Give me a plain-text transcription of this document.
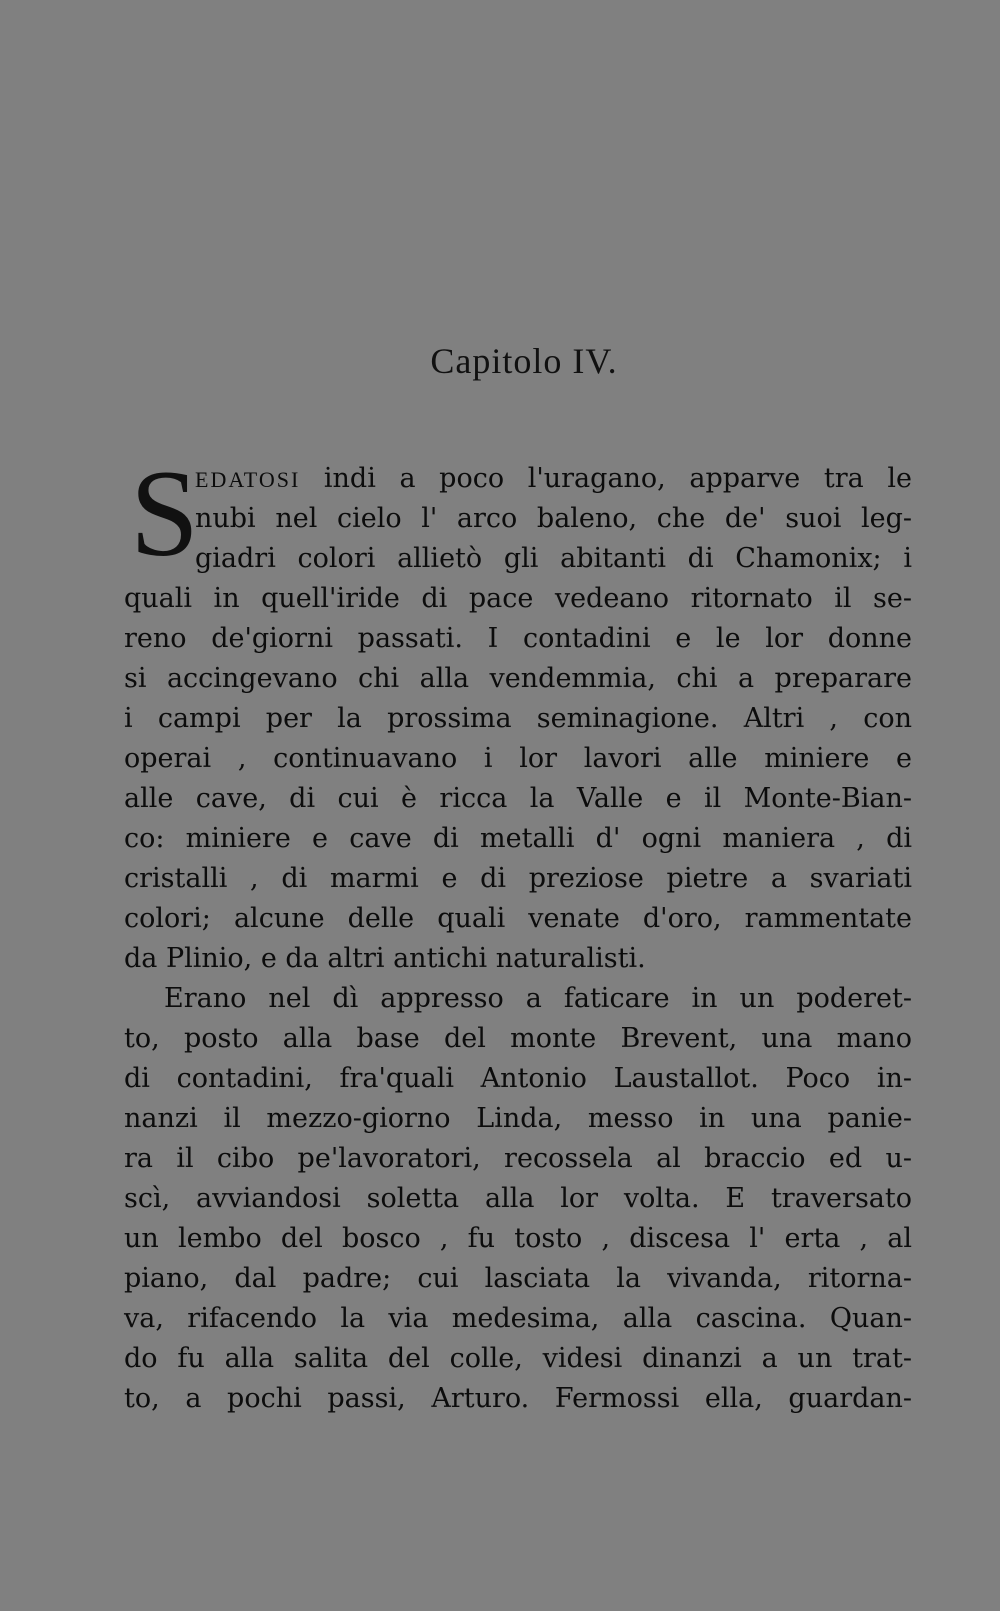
Capitolo IV.
S
EDATOSI indi a poco l'uragano, apparve tra le
nubi nel cielo l' arco baleno, che de' suoi leg-
giadri colori allietò gli abitanti di Chamonix; i
quali in quell'iride di pace vedeano ritornato il se-
reno de'giorni passati. I contadini e le lor donne
si accingevano chi alla vendemmia, chi a preparare
i campi per la prossima seminagione. Altri , con
operai , continuavano i lor lavori alle miniere e
alle cave, di cui è ricca la Valle e il Monte-Bian-
co: miniere e cave di metalli d' ogni maniera , di
cristalli , di marmi e di preziose pietre a svariati
colori; alcune delle quali venate d'oro, rammentate
da Plinio, e da altri antichi naturalisti.
Erano nel dì appresso a faticare in un poderet-
to, posto alla base del monte Brevent, una mano
di contadini, fra'quali Antonio Laustallot. Poco in-
nanzi il mezzo-giorno Linda, messo in una panie-
ra il cibo pe'lavoratori, recossela al braccio ed u-
scì, avviandosi soletta alla lor volta. E traversato
un lembo del bosco , fu tosto , discesa l' erta , al
piano, dal padre; cui lasciata la vivanda, ritorna-
va, rifacendo la via medesima, alla cascina. Quan-
do fu alla salita del colle, videsi dinanzi a un trat-
to, a pochi passi, Arturo. Fermossi ella, guardan-
